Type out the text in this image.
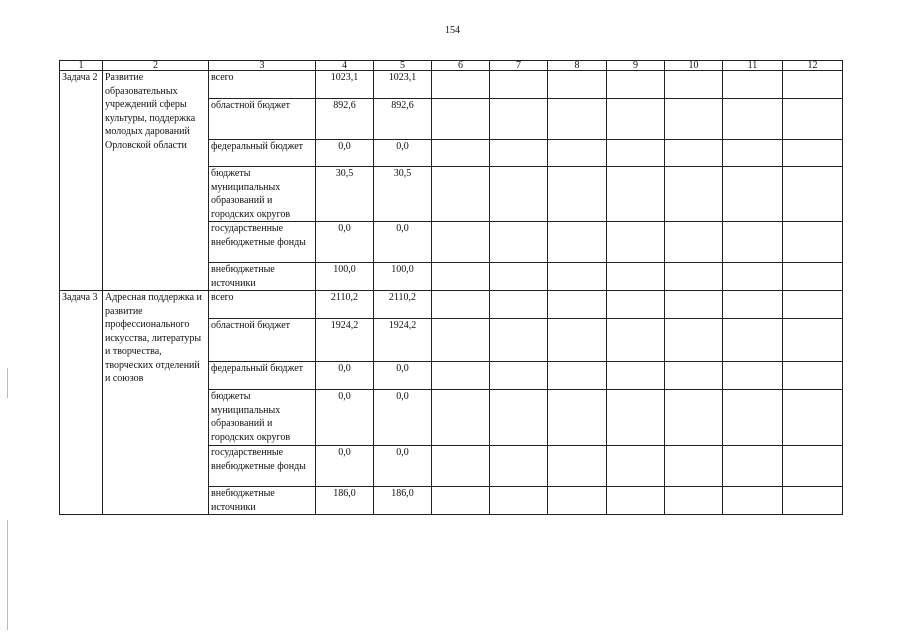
154
1	2	3	4	5	6	7	8	9	10	11	12
Задача 2	Развитие образовательных учреждений сферы культуры, поддержка молодых дарований Орловской области	всего	1023,1	1023,1							
		областной бюджет	892,6	892,6							
		федеральный бюджет	0,0	0,0							
		бюджеты муниципальных образований и городских округов	30,5	30,5							
		государственные внебюджетные фонды	0,0	0,0							
		внебюджетные источники	100,0	100,0							
Задача 3	Адресная поддержка и развитие профессионального искусства, литературы и творчества, творческих отделений и союзов	всего	2110,2	2110,2							
		областной бюджет	1924,2	1924,2							
		федеральный бюджет	0,0	0,0							
		бюджеты муниципальных образований и городских округов	0,0	0,0							
		государственные внебюджетные фонды	0,0	0,0							
		внебюджетные источники	186,0	186,0							
